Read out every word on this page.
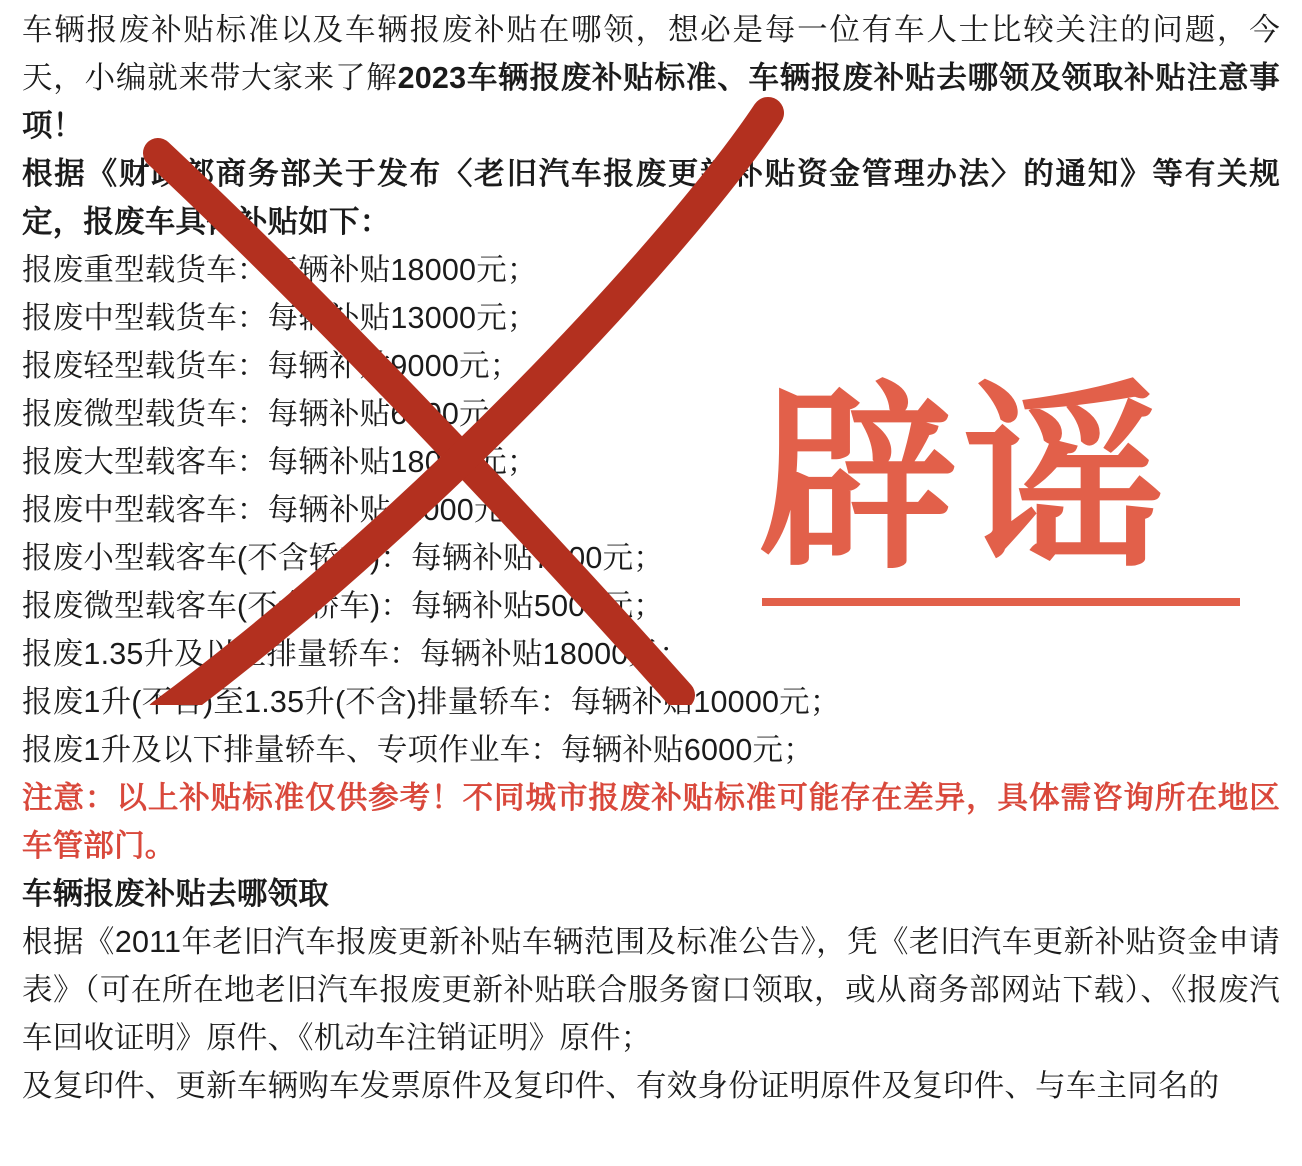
车辆报废补贴标准以及车辆报废补贴在哪领，想必是每一位有车人士比较关注的问题，今天，小编就来带大家来了解2023车辆报废补贴标准、车辆报废补贴去哪领及领取补贴注意事项！

根据《财政部商务部关于发布〈老旧汽车报废更新补贴资金管理办法〉的通知》等有关规定，报废车具体补贴如下：

报废重型载货车：每辆补贴18000元；

报废中型载货车：每辆补贴13000元；

报废轻型载货车：每辆补贴9000元；

报废微型载货车：每辆补贴6000元；

报废大型载客车：每辆补贴18000元；

报废中型载客车：每辆补贴11000元；

报废小型载客车(不含轿车)：每辆补贴7000元；

报废微型载客车(不含轿车)：每辆补贴5000元；

报废1.35升及以上排量轿车：每辆补贴18000元；

报废1升(不含)至1.35升(不含)排量轿车：每辆补贴10000元；

报废1升及以下排量轿车、专项作业车：每辆补贴6000元；

注意：以上补贴标准仅供参考！不同城市报废补贴标准可能存在差异，具体需咨询所在地区车管部门。

车辆报废补贴去哪领取

根据《2011年老旧汽车报废更新补贴车辆范围及标准公告》，凭《老旧汽车更新补贴资金申请表》（可在所在地老旧汽车报废更新补贴联合服务窗口领取，或从商务部网站下载）、《报废汽车回收证明》原件、《机动车注销证明》原件；

及复印件、更新车辆购车发票原件及复印件、有效身份证明原件及复印件、与车主同名的

辟谣
